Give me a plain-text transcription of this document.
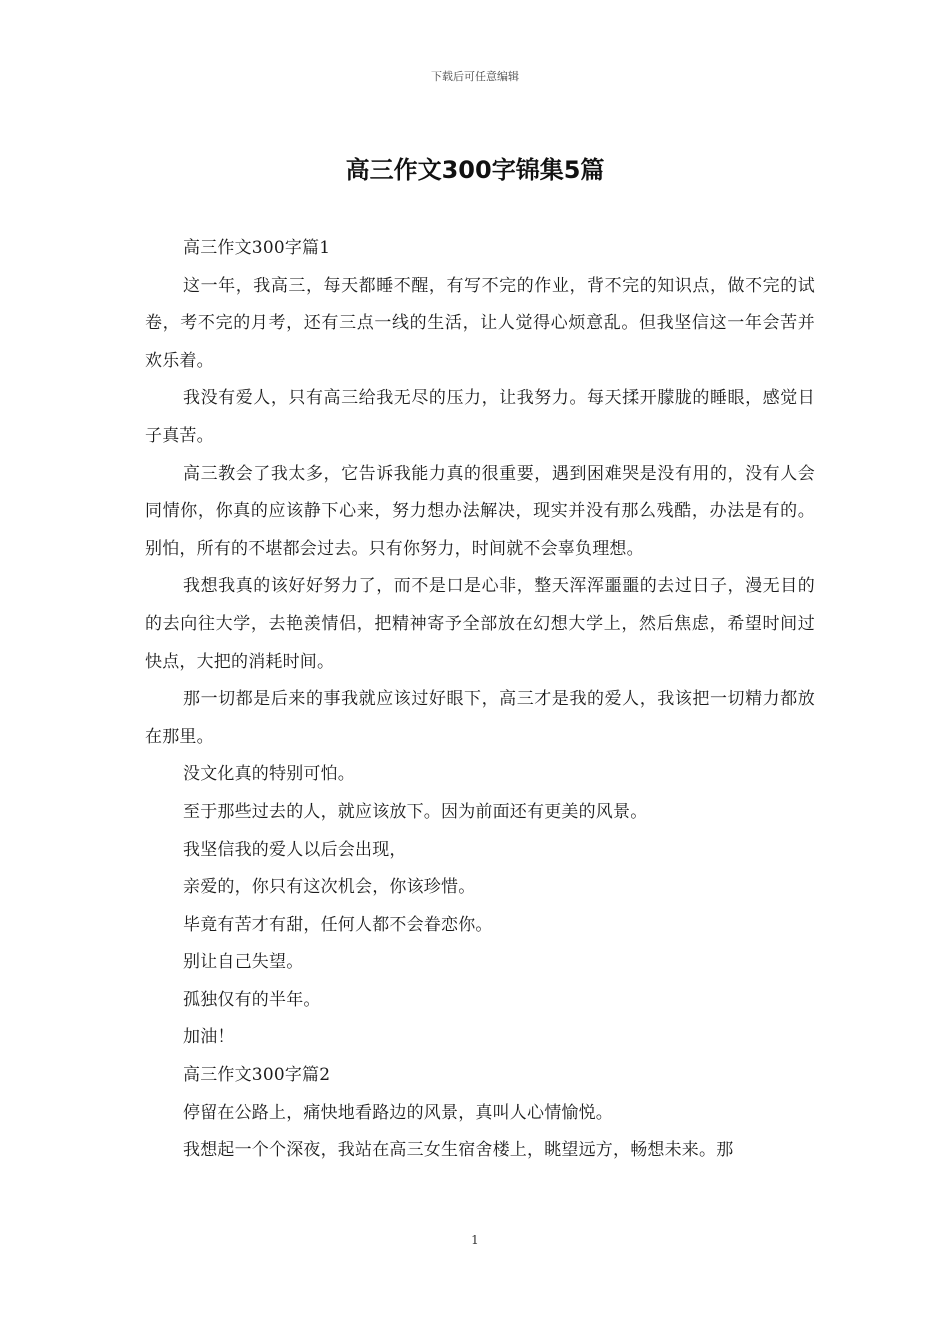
下载后可任意编辑
高三作文300字锦集5篇

高三作文300字篇1

这一年，我高三，每天都睡不醒，有写不完的作业，背不完的知识点，做不完的试卷，考不完的月考，还有三点一线的生活，让人觉得心烦意乱。但我坚信这一年会苦并欢乐着。

我没有爱人，只有高三给我无尽的压力，让我努力。每天揉开朦胧的睡眼，感觉日子真苦。

高三教会了我太多，它告诉我能力真的很重要，遇到困难哭是没有用的，没有人会同情你，你真的应该静下心来，努力想办法解决，现实并没有那么残酷，办法是有的。别怕，所有的不堪都会过去。只有你努力，时间就不会辜负理想。

我想我真的该好好努力了，而不是口是心非，整天浑浑噩噩的去过日子，漫无目的的去向往大学，去艳羡情侣，把精神寄予全部放在幻想大学上，然后焦虑，希望时间过快点，大把的消耗时间。

那一切都是后来的事我就应该过好眼下，高三才是我的爱人，我该把一切精力都放在那里。

没文化真的特别可怕。

至于那些过去的人，就应该放下。因为前面还有更美的风景。

我坚信我的爱人以后会出现，

亲爱的，你只有这次机会，你该珍惜。

毕竟有苦才有甜，任何人都不会眷恋你。

别让自己失望。

孤独仅有的半年。

加油！

高三作文300字篇2

停留在公路上，痛快地看路边的风景，真叫人心情愉悦。

我想起一个个深夜，我站在高三女生宿舍楼上，眺望远方，畅想未来。那

1
